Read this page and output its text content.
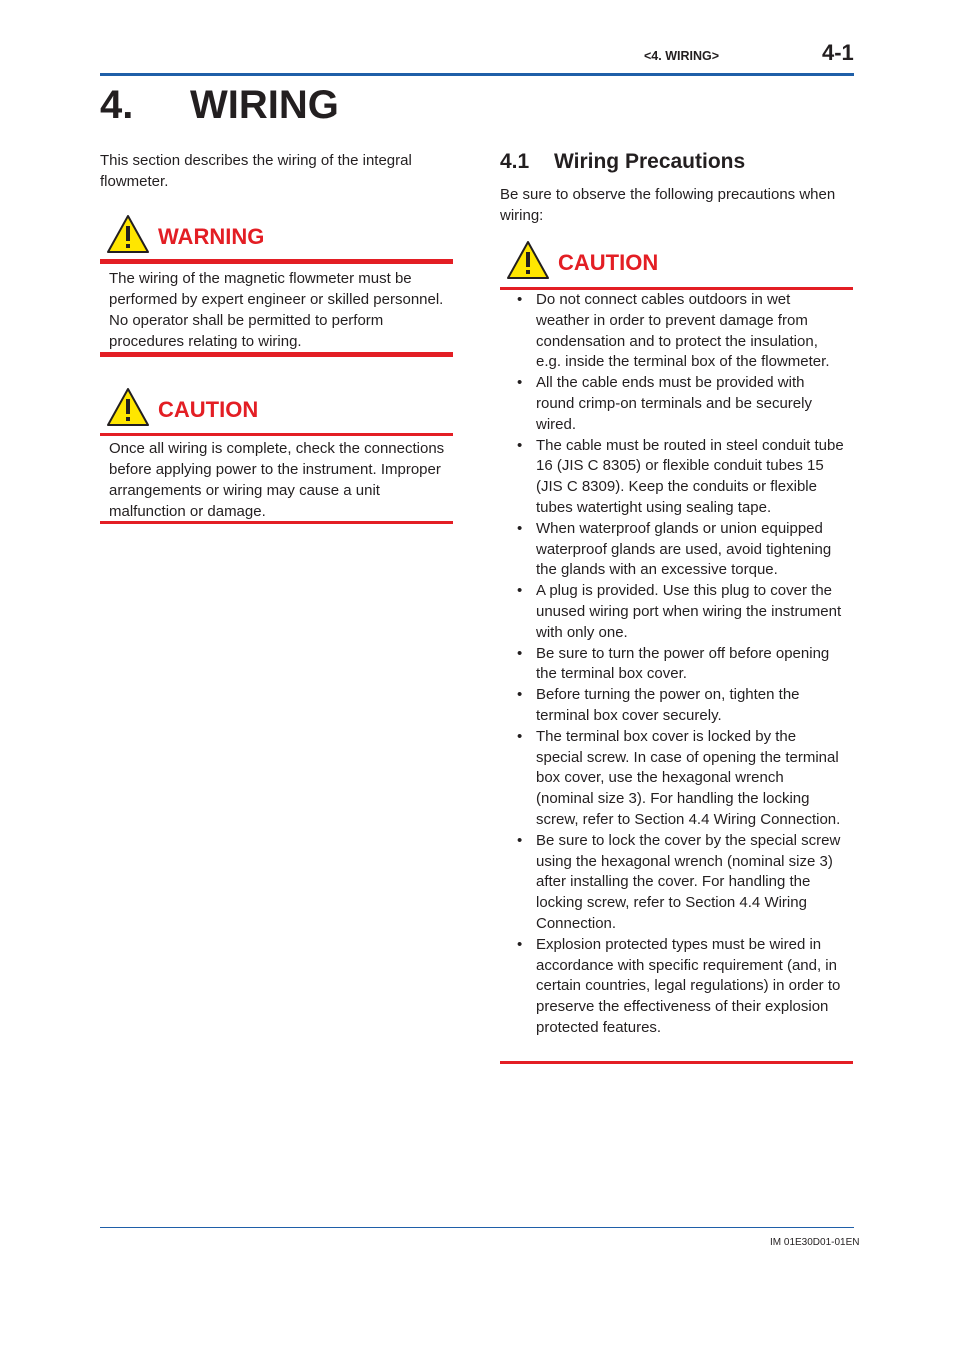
<4. WIRING>	4-1
4. WIRING
This section describes the wiring of the integral flowmeter.
WARNING
The wiring of the magnetic flowmeter must be performed by expert engineer or skilled personnel. No operator shall be permitted to perform procedures relating to wiring.
CAUTION
Once all wiring is complete, check the connections before applying power to the instrument. Improper arrangements or wiring may cause a unit malfunction or damage.
4.1 Wiring Precautions
Be sure to observe the following precautions when wiring:
CAUTION
• Do not connect cables outdoors in wet weather in order to prevent damage from condensation and to protect the insulation, e.g. inside the terminal box of the flowmeter.
• All the cable ends must be provided with round crimp-on terminals and be securely wired.
• The cable must be routed in steel conduit tube 16 (JIS C 8305) or flexible conduit tubes 15 (JIS C 8309). Keep the conduits or flexible tubes watertight using sealing tape.
• When waterproof glands or union equipped waterproof glands are used, avoid tightening the glands with an excessive torque.
• A plug is provided. Use this plug to cover the unused wiring port when wiring the instrument with only one.
• Be sure to turn the power off before opening the terminal box cover.
• Before turning the power on, tighten the terminal box cover securely.
• The terminal box cover is locked by the special screw. In case of opening the terminal box cover, use the hexagonal wrench (nominal size 3). For handling the locking screw, refer to Section 4.4 Wiring Connection.
• Be sure to lock the cover by the special screw using the hexagonal wrench (nominal size 3) after installing the cover. For handling the locking screw, refer to Section 4.4 Wiring Connection.
• Explosion protected types must be wired in accordance with specific requirement (and, in certain countries, legal regulations) in order to preserve the effectiveness of their explosion protected features.
IM 01E30D01-01EN
